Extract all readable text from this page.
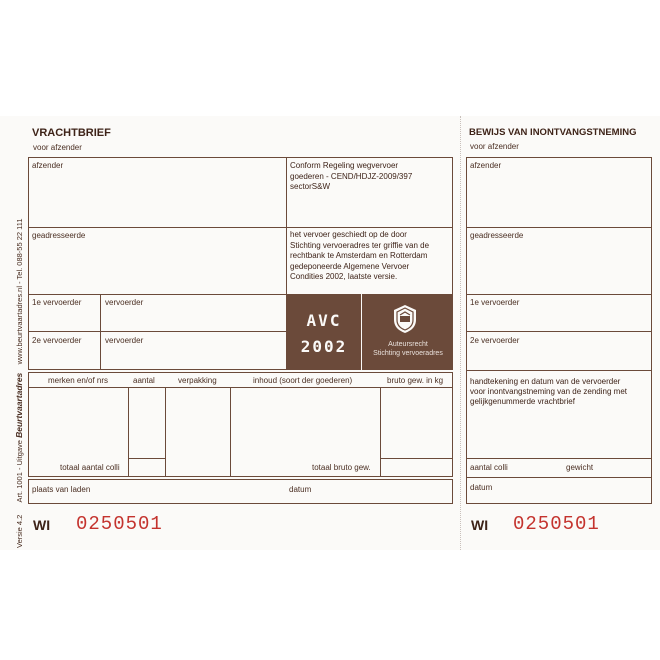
Versie 4.2      Art. 1001 - Uitgave Beurtvaartadres    www.beurtvaartadres.nl - Tel. 088-55 22 111
VRACHTBRIEF
voor afzender
afzender	Conform Regeling wegvervoer
goederen - CEND/HDJZ-2009/397
sectorS&W
geadresseerde	het vervoer geschiedt op de door
Stichting vervoeradres ter griffie van de
rechtbank te Amsterdam en Rotterdam
gedeponeerde Algemene Vervoer
Condities 2002, laatste versie.
1e vervoerder	vervoerder
2e vervoerder	vervoerder
AVC
2002	Auteursrecht
Stichting vervoeradres
merken en/of nrs	aantal	verpakking	inhoud (soort der goederen)	bruto gew. in kg
totaal aantal colli	totaal bruto gew.
plaats van laden	datum
WI 0250501
BEWIJS VAN INONTVANGSTNEMING
voor afzender
afzender
geadresseerde
1e vervoerder
2e vervoerder
handtekening en datum van de vervoerder
voor inontvangstneming van de zending met
gelijkgenummerde vrachtbrief
aantal colli	gewicht
datum
WI 0250501
